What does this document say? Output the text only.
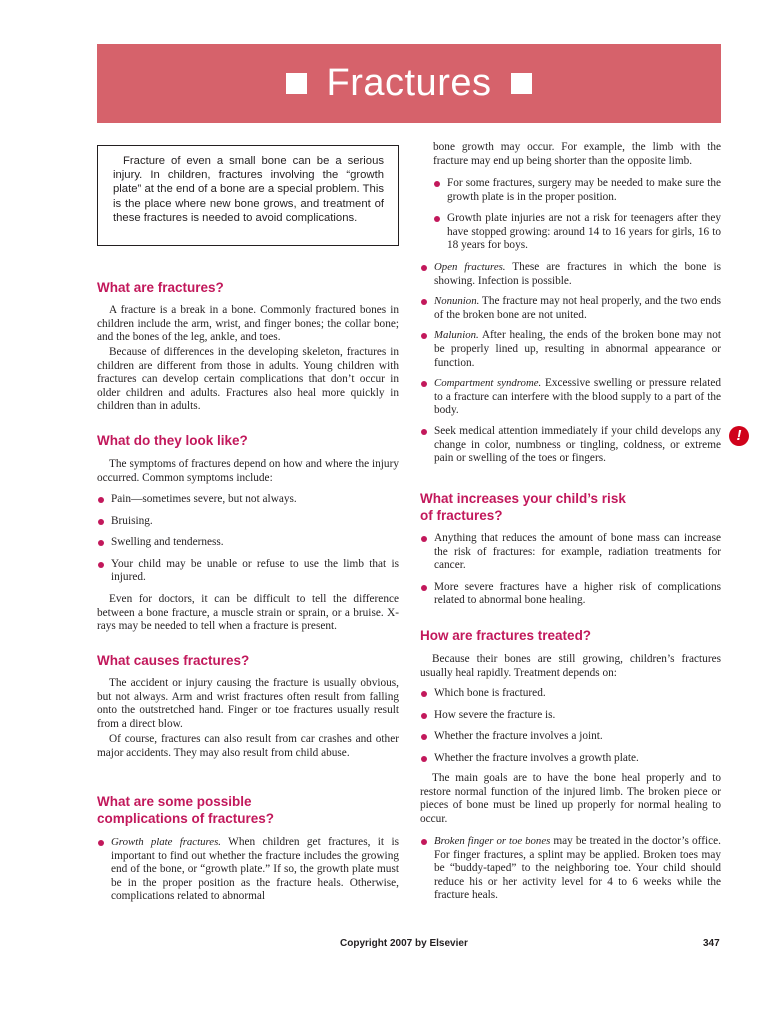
Fractures

Fracture of even a small bone can be a serious injury. In children, fractures involving the “growth plate” at the end of a bone are a special problem. This is the place where new bone grows, and treatment of these fractures is needed to avoid complications.

What are fractures?

A fracture is a break in a bone. Commonly fractured bones in children include the arm, wrist, and finger bones; the collar bone; and the bones of the leg, ankle, and toes.

Because of differences in the developing skeleton, fractures in children are different from those in adults. Young children with fractures can develop certain complications that don’t occur in older children and adults. Fractures also heal more quickly in children than in adults.

What do they look like?

The symptoms of fractures depend on how and where the injury occurred. Common symptoms include:

Pain—sometimes severe, but not always.
Bruising.
Swelling and tenderness.
Your child may be unable or refuse to use the limb that is injured.

Even for doctors, it can be difficult to tell the difference between a bone fracture, a muscle strain or sprain, or a bruise. X-rays may be needed to tell when a fracture is present.

What causes fractures?

The accident or injury causing the fracture is usually obvious, but not always. Arm and wrist fractures often result from falling onto the outstretched hand. Finger or toe fractures usually result from a direct blow.

Of course, fractures can also result from car crashes and other major accidents. They may also result from child abuse.

What are some possible
complications of fractures?
Growth plate fractures. When children get fractures, it is important to find out whether the fracture includes the growing end of the bone, or “growth plate.” If so, the growth plate must be in the proper position as the fracture heals. Otherwise, complications related to abnormal

bone growth may occur. For example, the limb with the fracture may end up being shorter than the opposite limb.

For some fractures, surgery may be needed to make sure the growth plate is in the proper position.
Growth plate injuries are not a risk for teenagers after they have stopped growing: around 14 to 16 years for girls, 16 to 18 years for boys.
Open fractures. These are fractures in which the bone is showing. Infection is possible.
Nonunion. The fracture may not heal properly, and the two ends of the broken bone are not united.
Malunion. After healing, the ends of the broken bone may not be properly lined up, resulting in abnormal appearance or function.
Compartment syndrome. Excessive swelling or pressure related to a fracture can interfere with the blood supply to a part of the body.
Seek medical attention immediately if your child develops any change in color, numbness or tingling, coldness, or extreme pain or swelling of the toes or fingers.
!
What increases your child’s risk
of fractures?
Anything that reduces the amount of bone mass can increase the risk of fractures: for example, radiation treatments for cancer.
More severe fractures have a higher risk of complications related to abnormal bone healing.
How are fractures treated?

Because their bones are still growing, children’s fractures usually heal rapidly. Treatment depends on:

Which bone is fractured.
How severe the fracture is.
Whether the fracture involves a joint.
Whether the fracture involves a growth plate.

The main goals are to have the bone heal properly and to restore normal function of the injured limb. The broken piece or pieces of bone must be lined up properly for normal healing to occur.

Broken finger or toe bones may be treated in the doctor’s office. For finger fractures, a splint may be applied. Broken toes may be “buddy-taped” to the neighboring toe. Your child should reduce his or her activity level for 4 to 6 weeks while the fracture heals.
Copyright 2007 by Elsevier	347
